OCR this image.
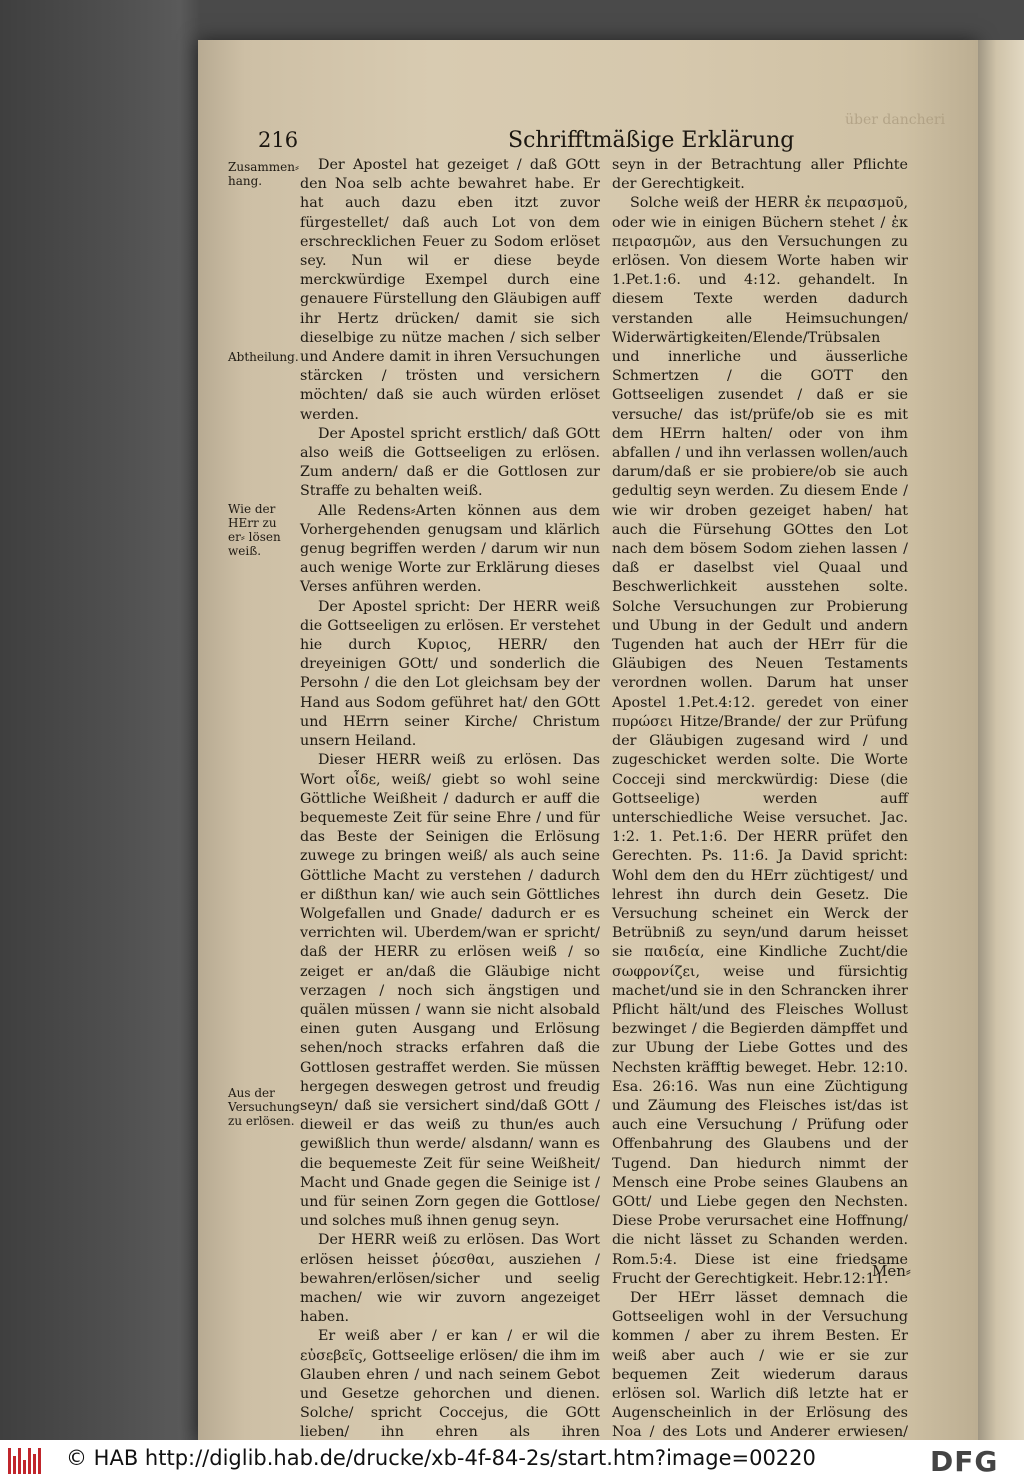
über dancheri
216	Schrifftmäßige Erklärung
Zusammen⸗ hang.
Abtheilung.
Wie der HErr zu er⸗ lösen weiß.
Aus der Versuchung zu erlösen.

Der Apostel hat gezeiget / daß GOtt den Noa selb achte bewahret habe. Er hat auch dazu eben itzt zuvor fürgestellet/ daß auch Lot von dem erschrecklichen Feuer zu Sodom erlöset sey. Nun wil er diese beyde merckwürdige Exempel durch eine genauere Fürstellung den Gläubigen auff ihr Hertz drücken/ damit sie sich dieselbige zu nütze machen / sich selber und Andere damit in ihren Versuchungen stärcken / trösten und versichern möchten/ daß sie auch würden erlöset werden.

Der Apostel spricht erstlich/ daß GOtt also weiß die Gottseeligen zu erlösen. Zum andern/ daß er die Gottlosen zur Straffe zu behalten weiß.

Alle Redens⸗Arten können aus dem Vorhergehenden genugsam und klärlich genug begriffen werden / darum wir nun auch wenige Worte zur Erklärung dieses Verses anführen werden.

Der Apostel spricht: Der HERR weiß die Gottseeligen zu erlösen. Er verstehet hie durch Κυριος, HERR/ den dreyeinigen GOtt/ und sonderlich die Persohn / die den Lot gleichsam bey der Hand aus Sodom geführet hat/ den GOtt und HErrn seiner Kirche/ Christum unsern Heiland.

Dieser HERR weiß zu erlösen. Das Wort οἶδε, weiß/ giebt so wohl seine Göttliche Weißheit / dadurch er auff die bequemeste Zeit für seine Ehre / und für das Beste der Seinigen die Erlösung zuwege zu bringen weiß/ als auch seine Göttliche Macht zu verstehen / dadurch er dißthun kan/ wie auch sein Göttliches Wolgefallen und Gnade/ dadurch er es verrichten wil. Uberdem/wan er spricht/ daß der HERR zu erlösen weiß / so zeiget er an/daß die Gläubige nicht verzagen / noch sich ängstigen und quälen müssen / wann sie nicht alsobald einen guten Ausgang und Erlösung sehen/noch stracks erfahren daß die Gottlosen gestraffet werden. Sie müssen hergegen deswegen getrost und freudig seyn/ daß sie versichert sind/daß GOtt / dieweil er das weiß zu thun/es auch gewißlich thun werde/ alsdann/ wann es die bequemeste Zeit für seine Weißheit/ Macht und Gnade gegen die Seinige ist / und für seinen Zorn gegen die Gottlose/ und solches muß ihnen genug seyn.

Der HERR weiß zu erlösen. Das Wort erlösen heisset ῥύεσθαι, ausziehen / bewahren/erlösen/sicher und seelig machen/ wie wir zuvorn angezeiget haben.

Er weiß aber / er kan / er wil die εὐσεβεῖς, Gottseelige erlösen/ die ihm im Glauben ehren / und nach seinem Gebot und Gesetze gehorchen und dienen. Solche/ spricht Coccejus, die GOtt lieben/ ihn ehren als ihren

seyn in der Betrachtung aller Pflichte der Gerechtigkeit.

Solche weiß der HERR ἐκ πειρασμοῦ, oder wie in einigen Büchern stehet / ἐκ πειρασμῶν, aus den Versuchungen zu erlösen. Von diesem Worte haben wir 1.Pet.1:6. und 4:12. gehandelt. In diesem Texte werden dadurch verstanden alle Heimsuchungen/ Widerwärtigkeiten/Elende/Trübsalen und innerliche und äusserliche Schmertzen / die GOTT den Gottseeligen zusendet / daß er sie versuche/ das ist/prüfe/ob sie es mit dem HErrn halten/ oder von ihm abfallen / und ihn verlassen wollen/auch darum/daß er sie probiere/ob sie auch gedultig seyn werden. Zu diesem Ende / wie wir droben gezeiget haben/ hat auch die Fürsehung GOttes den Lot nach dem bösem Sodom ziehen lassen / daß er daselbst viel Quaal und Beschwerlichkeit ausstehen solte. Solche Versuchungen zur Probierung und Ubung in der Gedult und andern Tugenden hat auch der HErr für die Gläubigen des Neuen Testaments verordnen wollen. Darum hat unser Apostel 1.Pet.4:12. geredet von einer πυρώσει Hitze/Brande/ der zur Prüfung der Gläubigen zugesand wird / und zugeschicket werden solte. Die Worte Cocceji sind merckwürdig: Diese (die Gottseelige) werden auff unterschiedliche Weise versuchet. Jac. 1:2. 1. Pet.1:6. Der HERR prüfet den Gerechten. Ps. 11:6. Ja David spricht: Wohl dem den du HErr züchtigest/ und lehrest ihn durch dein Gesetz. Die Versuchung scheinet ein Werck der Betrübniß zu seyn/und darum heisset sie παιδεία, eine Kindliche Zucht/die σωφρονίζει, weise und fürsichtig machet/und sie in den Schrancken ihrer Pflicht hält/und des Fleisches Wollust bezwinget / die Begierden dämpffet und zur Ubung der Liebe Gottes und des Nechsten kräfftig beweget. Hebr. 12:10. Esa. 26:16. Was nun eine Züchtigung und Zäumung des Fleisches ist/das ist auch eine Versuchung / Prüfung oder Offenbahrung des Glaubens und der Tugend. Dan hiedurch nimmt der Mensch eine Probe seines Glaubens an GOtt/ und Liebe gegen den Nechsten. Diese Probe verursachet eine Hoffnung/ die nicht lässet zu Schanden werden. Rom.5:4. Diese ist eine friedsame Frucht der Gerechtigkeit. Hebr.12:11.

Der HErr lässet demnach die Gottseeligen wohl in der Versuchung kommen / aber zu ihrem Besten. Er weiß aber auch / wie er sie zur bequemen Zeit wiederum daraus erlösen sol. Warlich diß letzte hat er Augenscheinlich in der Erlösung des Noa / des Lots und Anderer erwiesen/

Men⸗
© HAB http://diglib.hab.de/drucke/xb-4f-84-2s/start.htm?image=00220	DFG
